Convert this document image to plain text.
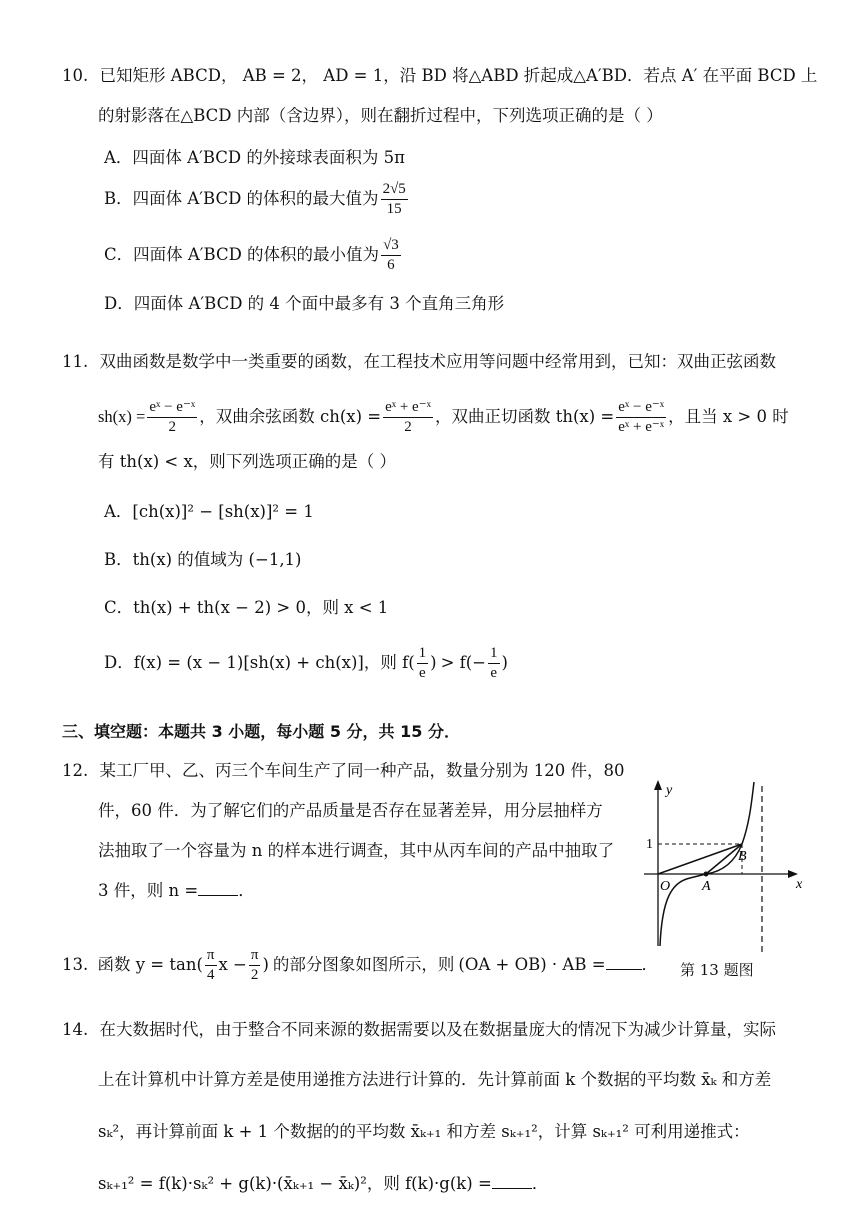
10. 已知矩形 ABCD， AB = 2， AD = 1，沿 BD 将△ABD 折起成△A′BD．若点 A′ 在平面 BCD 上
的射影落在△BCD 内部（含边界），则在翻折过程中，下列选项正确的是（ ）
A．四面体 A′BCD 的外接球表面积为 5π
B．四面体 A′BCD 的体积的最大值为 $\frac{2√5}{15}$
C．四面体 A′BCD 的体积的最小值为 $\frac{√3}{6}$
D．四面体 A′BCD 的 4 个面中最多有 3 个直角三角形
11. 双曲函数是数学中一类重要的函数，在工程技术应用等问题中经常用到，已知：双曲正弦函数
$sh(x) = \frac{\text{eˣ − e⁻ˣ}}{2}$ ，双曲余弦函数 $ch(x) = \frac{\text{eˣ + e⁻ˣ}}{2}$ ，双曲正切函数 $th(x) = \frac{\text{eˣ − e⁻ˣ}}{\text{eˣ + e⁻ˣ}}$ ，且当 x > 0 时
有 th(x) < x，则下列选项正确的是（ ）
A．[ch(x)]² − [sh(x)]² = 1
B．th(x) 的值域为 (−1,1)
C．th(x) + th(x − 2) > 0，则 x < 1
D．f(x) = (x − 1)[sh(x) + ch(x)]，则 $f( \frac{1}{e}$ ) > $f(- \frac{1}{e}$ )
三、填空题：本题共 3 小题，每小题 5 分，共 15 分．
12. 某工厂甲、乙、丙三个车间生产了同一种产品，数量分别为 120 件，80
件，60 件．为了解它们的产品质量是否存在显著差异，用分层抽样方
法抽取了一个容量为 n 的样本进行调查，其中从丙车间的产品中抽取了
3 件，则 n = ．
13. 函数 $y = \tan( \frac{\pi}{4}$ $x - \frac{\pi}{2}$ ) 的部分图象如图所示，则 (OA + OB) · AB = ．
y
x
O A
B
1
第 13 题图
14. 在大数据时代，由于整合不同来源的数据需要以及在数据量庞大的情况下为减少计算量，实际
上在计算机中计算方差是使用递推方法进行计算的．先计算前面 k 个数据的平均数 x̄ₖ 和方差
sₖ²，再计算前面 k + 1 个数据的的平均数 x̄ₖ₊₁ 和方差 sₖ₊₁²，计算 sₖ₊₁² 可利用递推式：
sₖ₊₁² = f(k)·sₖ² + g(k)·(x̄ₖ₊₁ − x̄ₖ)²，则 f(k)·g(k) = ．
